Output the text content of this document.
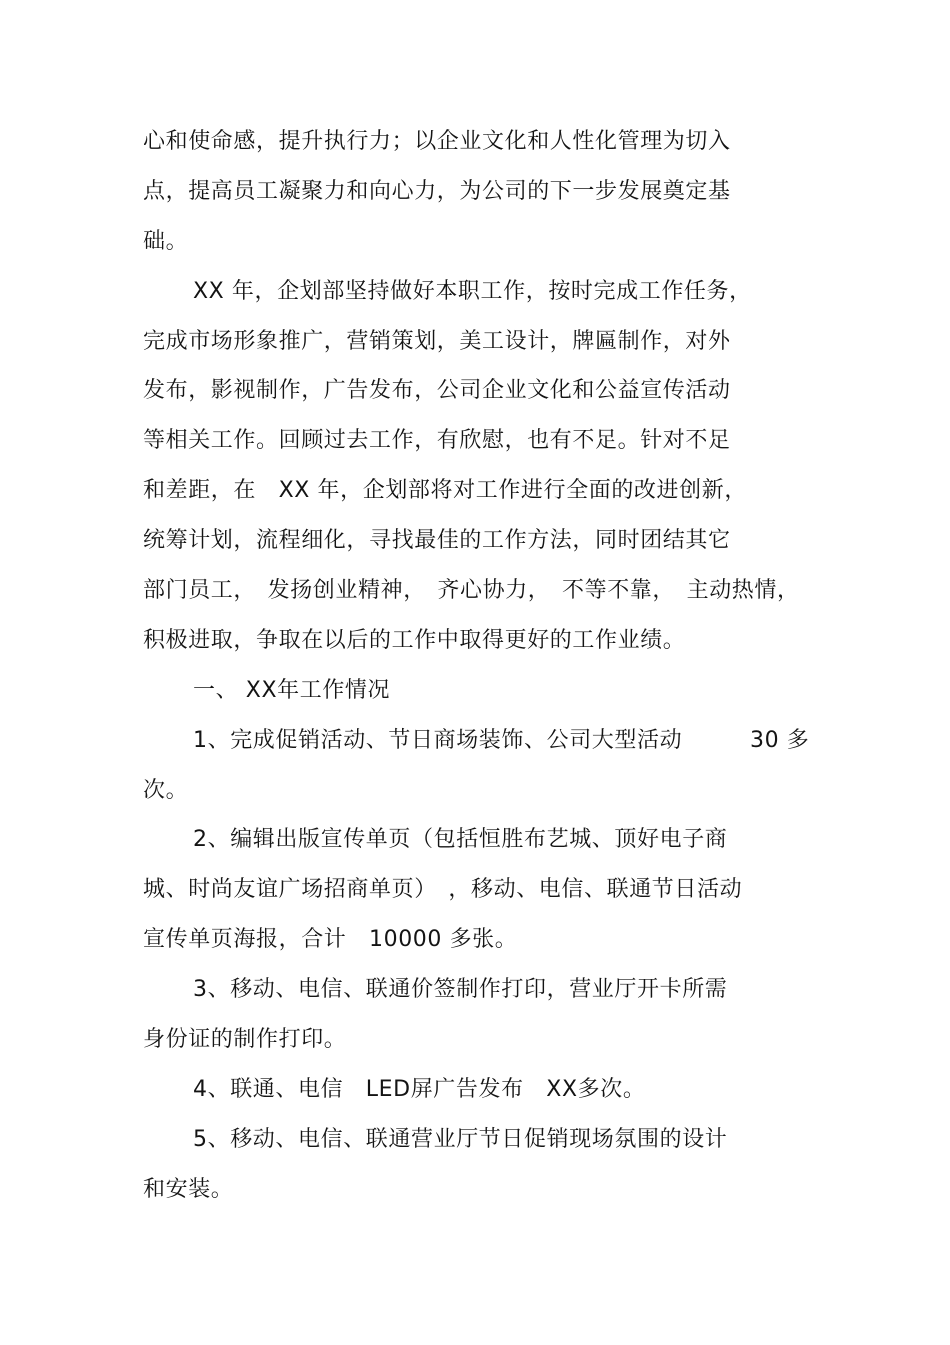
心和使命感，提升执行力；以企业文化和人性化管理为切入
点，提高员工凝聚力和向心力，为公司的下一步发展奠定基
础。
XX 年，企划部坚持做好本职工作，按时完成工作任务，
完成市场形象推广，营销策划，美工设计，牌匾制作，对外
发布，影视制作，广告发布，公司企业文化和公益宣传活动
等相关工作。回顾过去工作，有欣慰，也有不足。针对不足
和差距，在　XX 年，企划部将对工作进行全面的改进创新，
统筹计划，流程细化，寻找最佳的工作方法，同时团结其它
部门员工，　发扬创业精神，　齐心协力，　不等不靠，　主动热情，
积极进取，争取在以后的工作中取得更好的工作业绩。
一、 XX年工作情况
1、完成促销活动、节日商场装饰、公司大型活动　　　30 多
次。
2、编辑出版宣传单页（包括恒胜布艺城、顶好电子商
城、时尚友谊广场招商单页）　，移动、电信、联通节日活动
宣传单页海报，合计　10000 多张。
3、移动、电信、联通价签制作打印，营业厅开卡所需
身份证的制作打印。
4、联通、电信　LED屏广告发布　XX多次。
5、移动、电信、联通营业厅节日促销现场氛围的设计
和安装。
